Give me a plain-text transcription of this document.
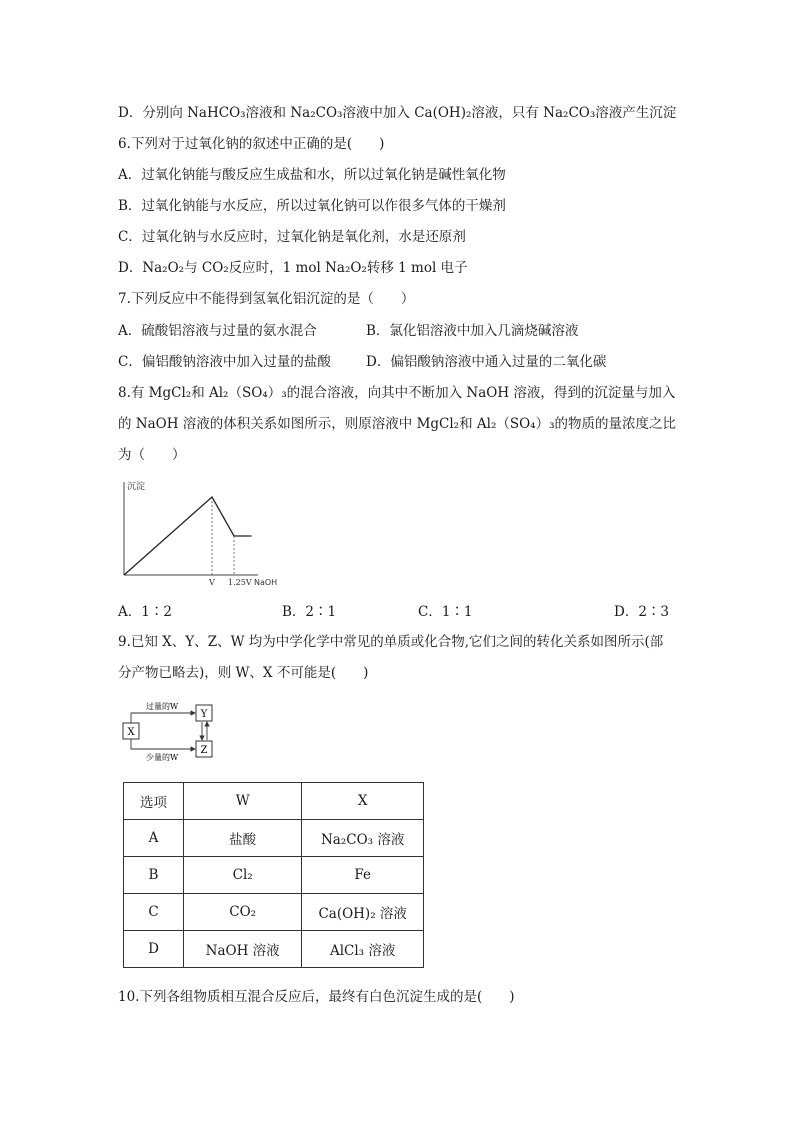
D．分别向 NaHCO₃溶液和 Na₂CO₃溶液中加入 Ca(OH)₂溶液，只有 Na₂CO₃溶液产生沉淀
6.下列对于过氧化钠的叙述中正确的是(　　)
A．过氧化钠能与酸反应生成盐和水，所以过氧化钠是碱性氧化物
B．过氧化钠能与水反应，所以过氧化钠可以作很多气体的干燥剂
C．过氧化钠与水反应时，过氧化钠是氧化剂，水是还原剂
D．Na₂O₂与 CO₂反应时，1 mol Na₂O₂转移 1 mol 电子
7.下列反应中不能得到氢氧化铝沉淀的是（　　）
A．硫酸铝溶液与过量的氨水混合	B．氯化铝溶液中加入几滴烧碱溶液
C．偏铝酸钠溶液中加入过量的盐酸	D．偏铝酸钠溶液中通入过量的二氧化碳
8.有 MgCl₂和 Al₂（SO₄）₃的混合溶液，向其中不断加入 NaOH 溶液，得到的沉淀量与加入
的 NaOH 溶液的体积关系如图所示，则原溶液中 MgCl₂和 Al₂（SO₄）₃的物质的量浓度之比
为（　　）
沉淀
NaOH
V 1.25V
A．1∶2	B．2∶1	C．1∶1	D．2∶3
9.已知 X、Y、Z、W 均为中学化学中常见的单质或化合物,它们之间的转化关系如图所示(部
分产物已略去)，则 W、X 不可能是(　　)
X
Y
Z
过量的W
少量的W
选项	W	X
A	盐酸	Na₂CO₃ 溶液
B	Cl₂	Fe
C	CO₂	Ca(OH)₂ 溶液
D	NaOH 溶液	AlCl₃ 溶液
10.下列各组物质相互混合反应后，最终有白色沉淀生成的是(　　)
